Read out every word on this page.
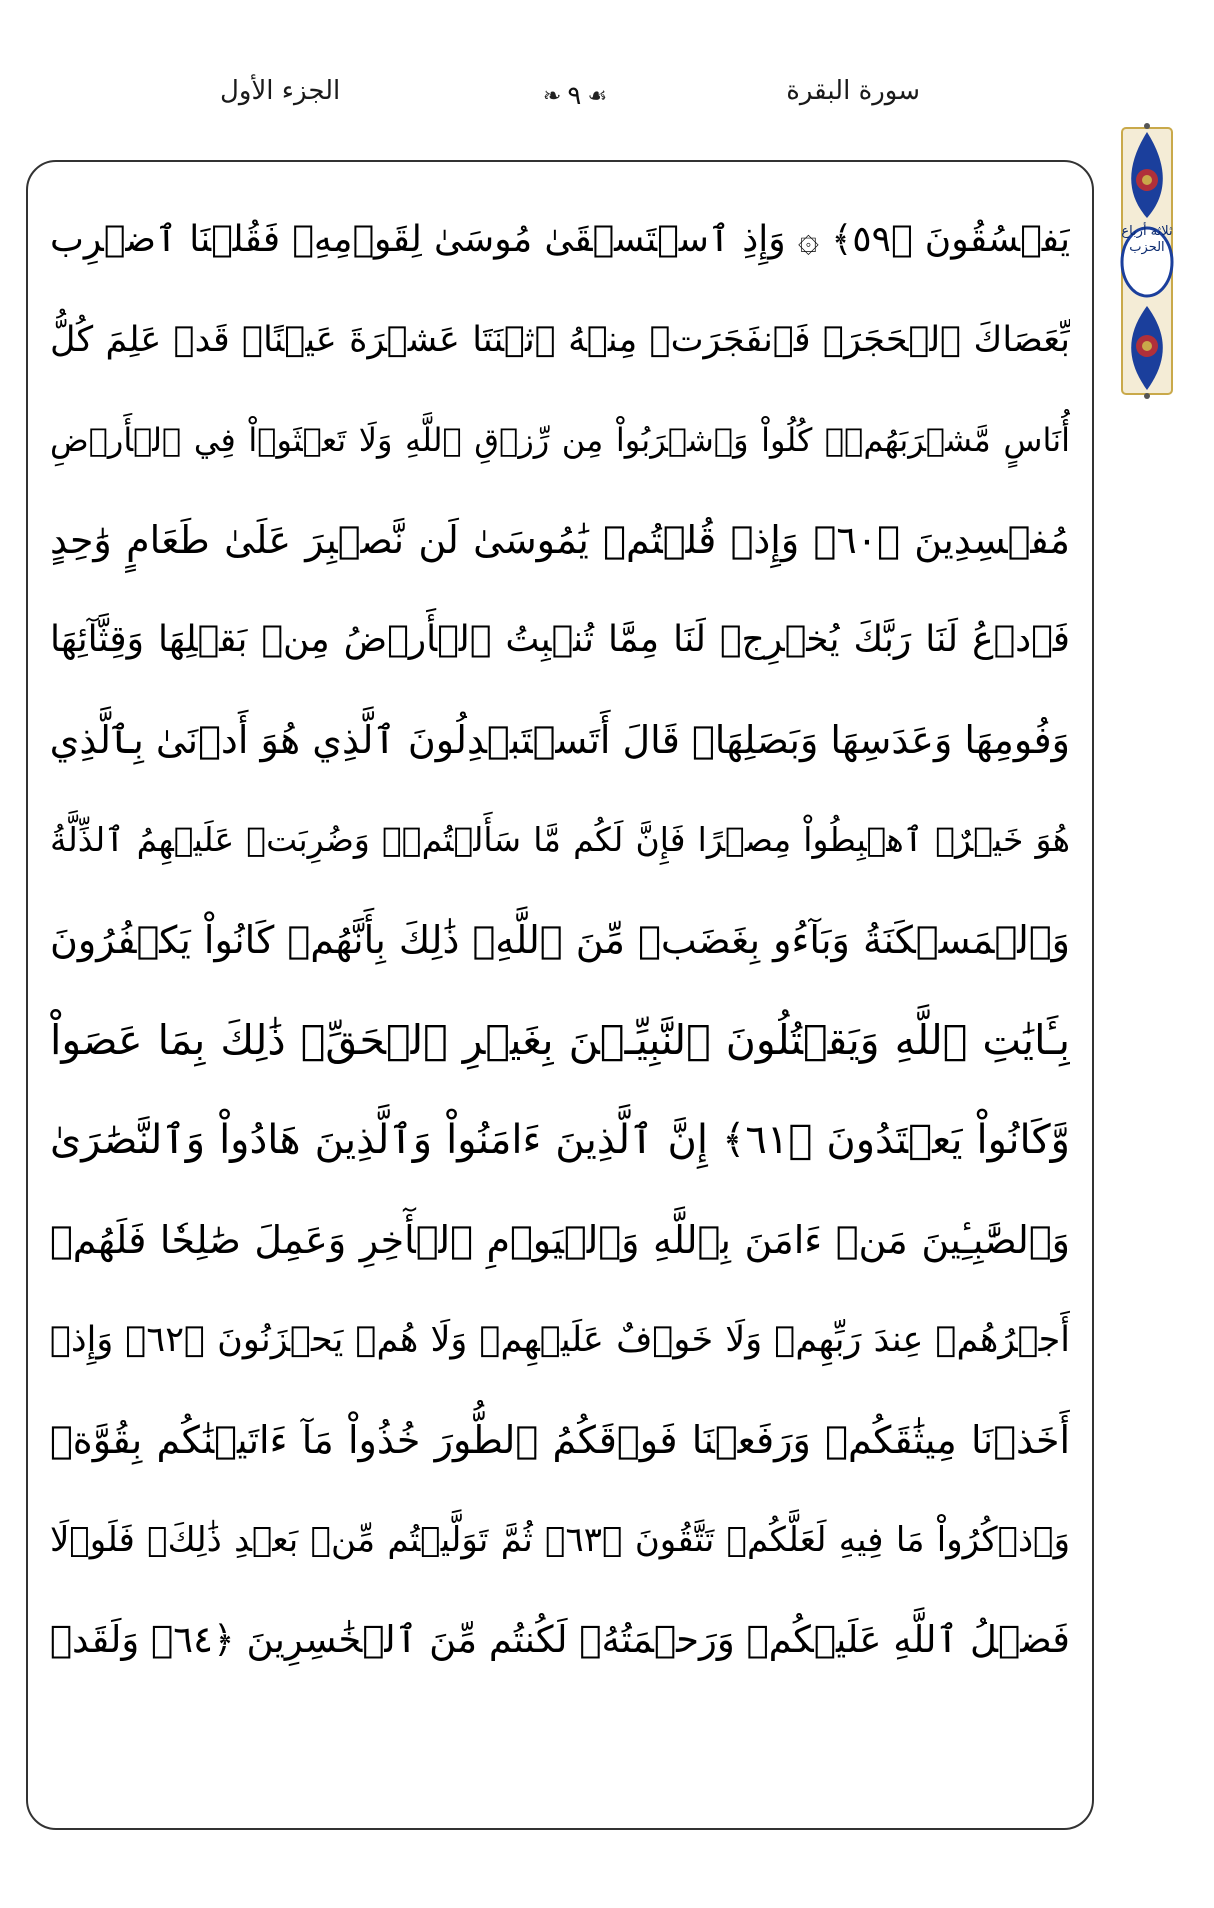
الجزء الأول	❧ ٩ ☙	سورة البقرة
ثلاثة أرباع
الحزب
يَفۡسُقُونَ ﴿٥٩﴾ ۞ وَإِذِ ٱسۡتَسۡقَىٰ مُوسَىٰ لِقَوۡمِهِۦ فَقُلۡنَا ٱضۡرِب
بِّعَصَاكَ ٱلۡحَجَرَۖ فَٱنفَجَرَتۡ مِنۡهُ ٱثۡنَتَا عَشۡرَةَ عَيۡنًاۖ قَدۡ عَلِمَ كُلُّ
أُنَاسٍ مَّشۡرَبَهُمۡۖ كُلُواْ وَٱشۡرَبُواْ مِن رِّزۡقِ ٱللَّهِ وَلَا تَعۡثَوۡاْ فِي ٱلۡأَرۡضِ
مُفۡسِدِينَ ﴿٦٠﴾ وَإِذۡ قُلۡتُمۡ يَٰمُوسَىٰ لَن نَّصۡبِرَ عَلَىٰ طَعَامٍ وَٰحِدٍ
فَٱدۡعُ لَنَا رَبَّكَ يُخۡرِجۡ لَنَا مِمَّا تُنۢبِتُ ٱلۡأَرۡضُ مِنۢ بَقۡلِهَا وَقِثَّآئِهَا
وَفُومِهَا وَعَدَسِهَا وَبَصَلِهَاۖ قَالَ أَتَسۡتَبۡدِلُونَ ٱلَّذِي هُوَ أَدۡنَىٰ بِٱلَّذِي
هُوَ خَيۡرٌۚ ٱهۡبِطُواْ مِصۡرًا فَإِنَّ لَكُم مَّا سَأَلۡتُمۡۗ وَضُرِبَتۡ عَلَيۡهِمُ ٱلذِّلَّةُ
وَٱلۡمَسۡكَنَةُ وَبَآءُو بِغَضَبٖ مِّنَ ٱللَّهِۗ ذَٰلِكَ بِأَنَّهُمۡ كَانُواْ يَكۡفُرُونَ
بِـَٔايَٰتِ ٱللَّهِ وَيَقۡتُلُونَ ٱلنَّبِيِّـۧنَ بِغَيۡرِ ٱلۡحَقِّۗ ذَٰلِكَ بِمَا عَصَواْ
وَّكَانُواْ يَعۡتَدُونَ ﴿٦١﴾ إِنَّ ٱلَّذِينَ ءَامَنُواْ وَٱلَّذِينَ هَادُواْ وَٱلنَّصَٰرَىٰ
وَٱلصَّٰبِـِٔينَ مَنۡ ءَامَنَ بِٱللَّهِ وَٱلۡيَوۡمِ ٱلۡأٓخِرِ وَعَمِلَ صَٰلِحٗا فَلَهُمۡ
أَجۡرُهُمۡ عِندَ رَبِّهِمۡ وَلَا خَوۡفٌ عَلَيۡهِمۡ وَلَا هُمۡ يَحۡزَنُونَ ﴿٦٢﴾ وَإِذۡ
أَخَذۡنَا مِيثَٰقَكُمۡ وَرَفَعۡنَا فَوۡقَكُمُ ٱلطُّورَ خُذُواْ مَآ ءَاتَيۡنَٰكُم بِقُوَّةٖ
وَٱذۡكُرُواْ مَا فِيهِ لَعَلَّكُمۡ تَتَّقُونَ ﴿٦٣﴾ ثُمَّ تَوَلَّيۡتُم مِّنۢ بَعۡدِ ذَٰلِكَۖ فَلَوۡلَا
فَضۡلُ ٱللَّهِ عَلَيۡكُمۡ وَرَحۡمَتُهُۥ لَكُنتُم مِّنَ ٱلۡخَٰسِرِينَ ﴿٦٤﴾ وَلَقَدۡ
